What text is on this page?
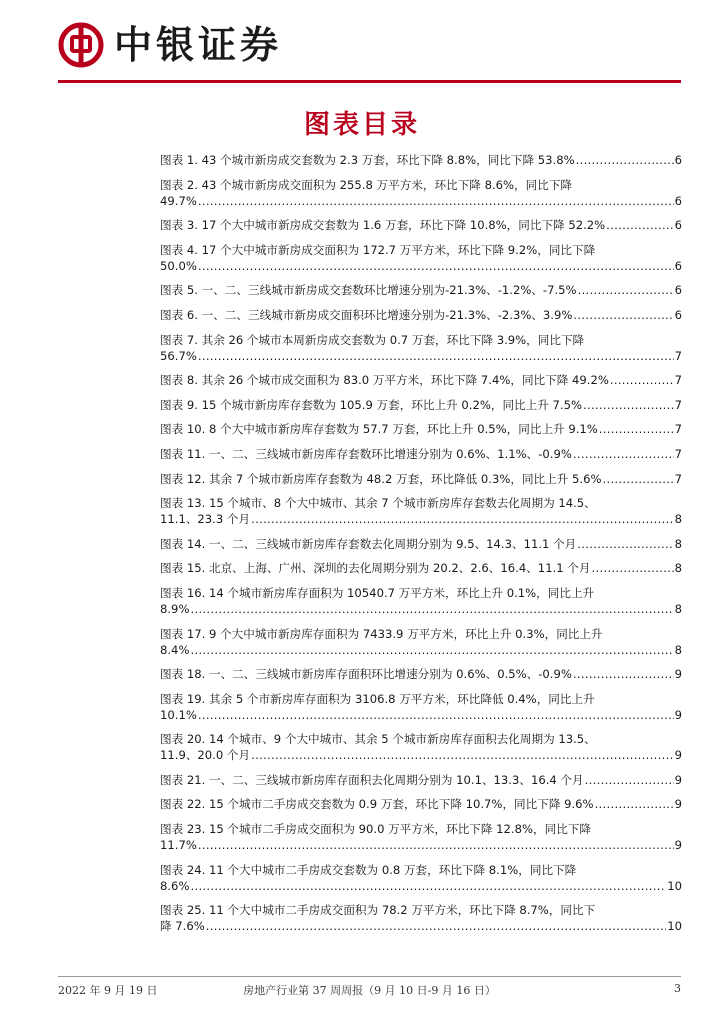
中银证券
图表目录
图表 1. 43 个城市新房成交套数为 2.3 万套，环比下降 8.8%，同比下降 53.8% .....	6
图表 2. 43 个城市新房成交面积为 255.8 万平方米，环比下降 8.6%，同比下降
49.7% .....	6
图表 3. 17 个大中城市新房成交套数为 1.6 万套，环比下降 10.8%，同比下降 52.2% .....	6
图表 4. 17 个大中城市新房成交面积为 172.7 万平方米，环比下降 9.2%，同比下降
50.0% .....	6
图表 5. 一、二、三线城市新房成交套数环比增速分别为-21.3%、-1.2%、-7.5% .....	6
图表 6. 一、二、三线城市新房成交面积环比增速分别为-21.3%、-2.3%、3.9% .....	6
图表 7. 其余 26 个城市本周新房成交套数为 0.7 万套，环比下降 3.9%，同比下降
56.7% .....	7
图表 8. 其余 26 个城市成交面积为 83.0 万平方米，环比下降 7.4%，同比下降 49.2% .....	7
图表 9. 15 个城市新房库存套数为 105.9 万套，环比上升 0.2%，同比上升 7.5% .....	7
图表 10. 8 个大中城市新房库存套数为 57.7 万套，环比上升 0.5%，同比上升 9.1% .....	7
图表 11. 一、二、三线城市新房库存套数环比增速分别为 0.6%、1.1%、-0.9% .....	7
图表 12. 其余 7 个城市新房库存套数为 48.2 万套，环比降低 0.3%，同比上升 5.6% .....	7
图表 13. 15 个城市、8 个大中城市、其余 7 个城市新房库存套数去化周期为 14.5、
11.1、23.3 个月 .....	8
图表 14. 一、二、三线城市新房库存套数去化周期分别为 9.5、14.3、11.1 个月 .....	8
图表 15. 北京、上海、广州、深圳的去化周期分别为 20.2、2.6、16.4、11.1 个月 .....	8
图表 16. 14 个城市新房库存面积为 10540.7 万平方米，环比上升 0.1%，同比上升
8.9% .....	8
图表 17. 9 个大中城市新房库存面积为 7433.9 万平方米，环比上升 0.3%，同比上升
8.4% .....	8
图表 18. 一、二、三线城市新房库存面积环比增速分别为 0.6%、0.5%、-0.9% .....	9
图表 19. 其余 5 个市新房库存面积为 3106.8 万平方米，环比降低 0.4%，同比上升
10.1% .....	9
图表 20. 14 个城市、9 个大中城市、其余 5 个城市新房库存面积去化周期为 13.5、
11.9、20.0 个月 .....	9
图表 21. 一、二、三线城市新房库存面积去化周期分别为 10.1、13.3、16.4 个月 .....	9
图表 22. 15 个城市二手房成交套数为 0.9 万套，环比下降 10.7%，同比下降 9.6% .....	9
图表 23. 15 个城市二手房成交面积为 90.0 万平方米，环比下降 12.8%，同比下降
11.7% .....	9
图表 24. 11 个大中城市二手房成交套数为 0.8 万套，环比下降 8.1%，同比下降
8.6% .....	10
图表 25. 11 个大中城市二手房成交面积为 78.2 万平方米，环比下降 8.7%，同比下
降 7.6% .....	10
2022 年 9 月 19 日	房地产行业第 37 周周报（9 月 10 日-9 月 16 日）	3
